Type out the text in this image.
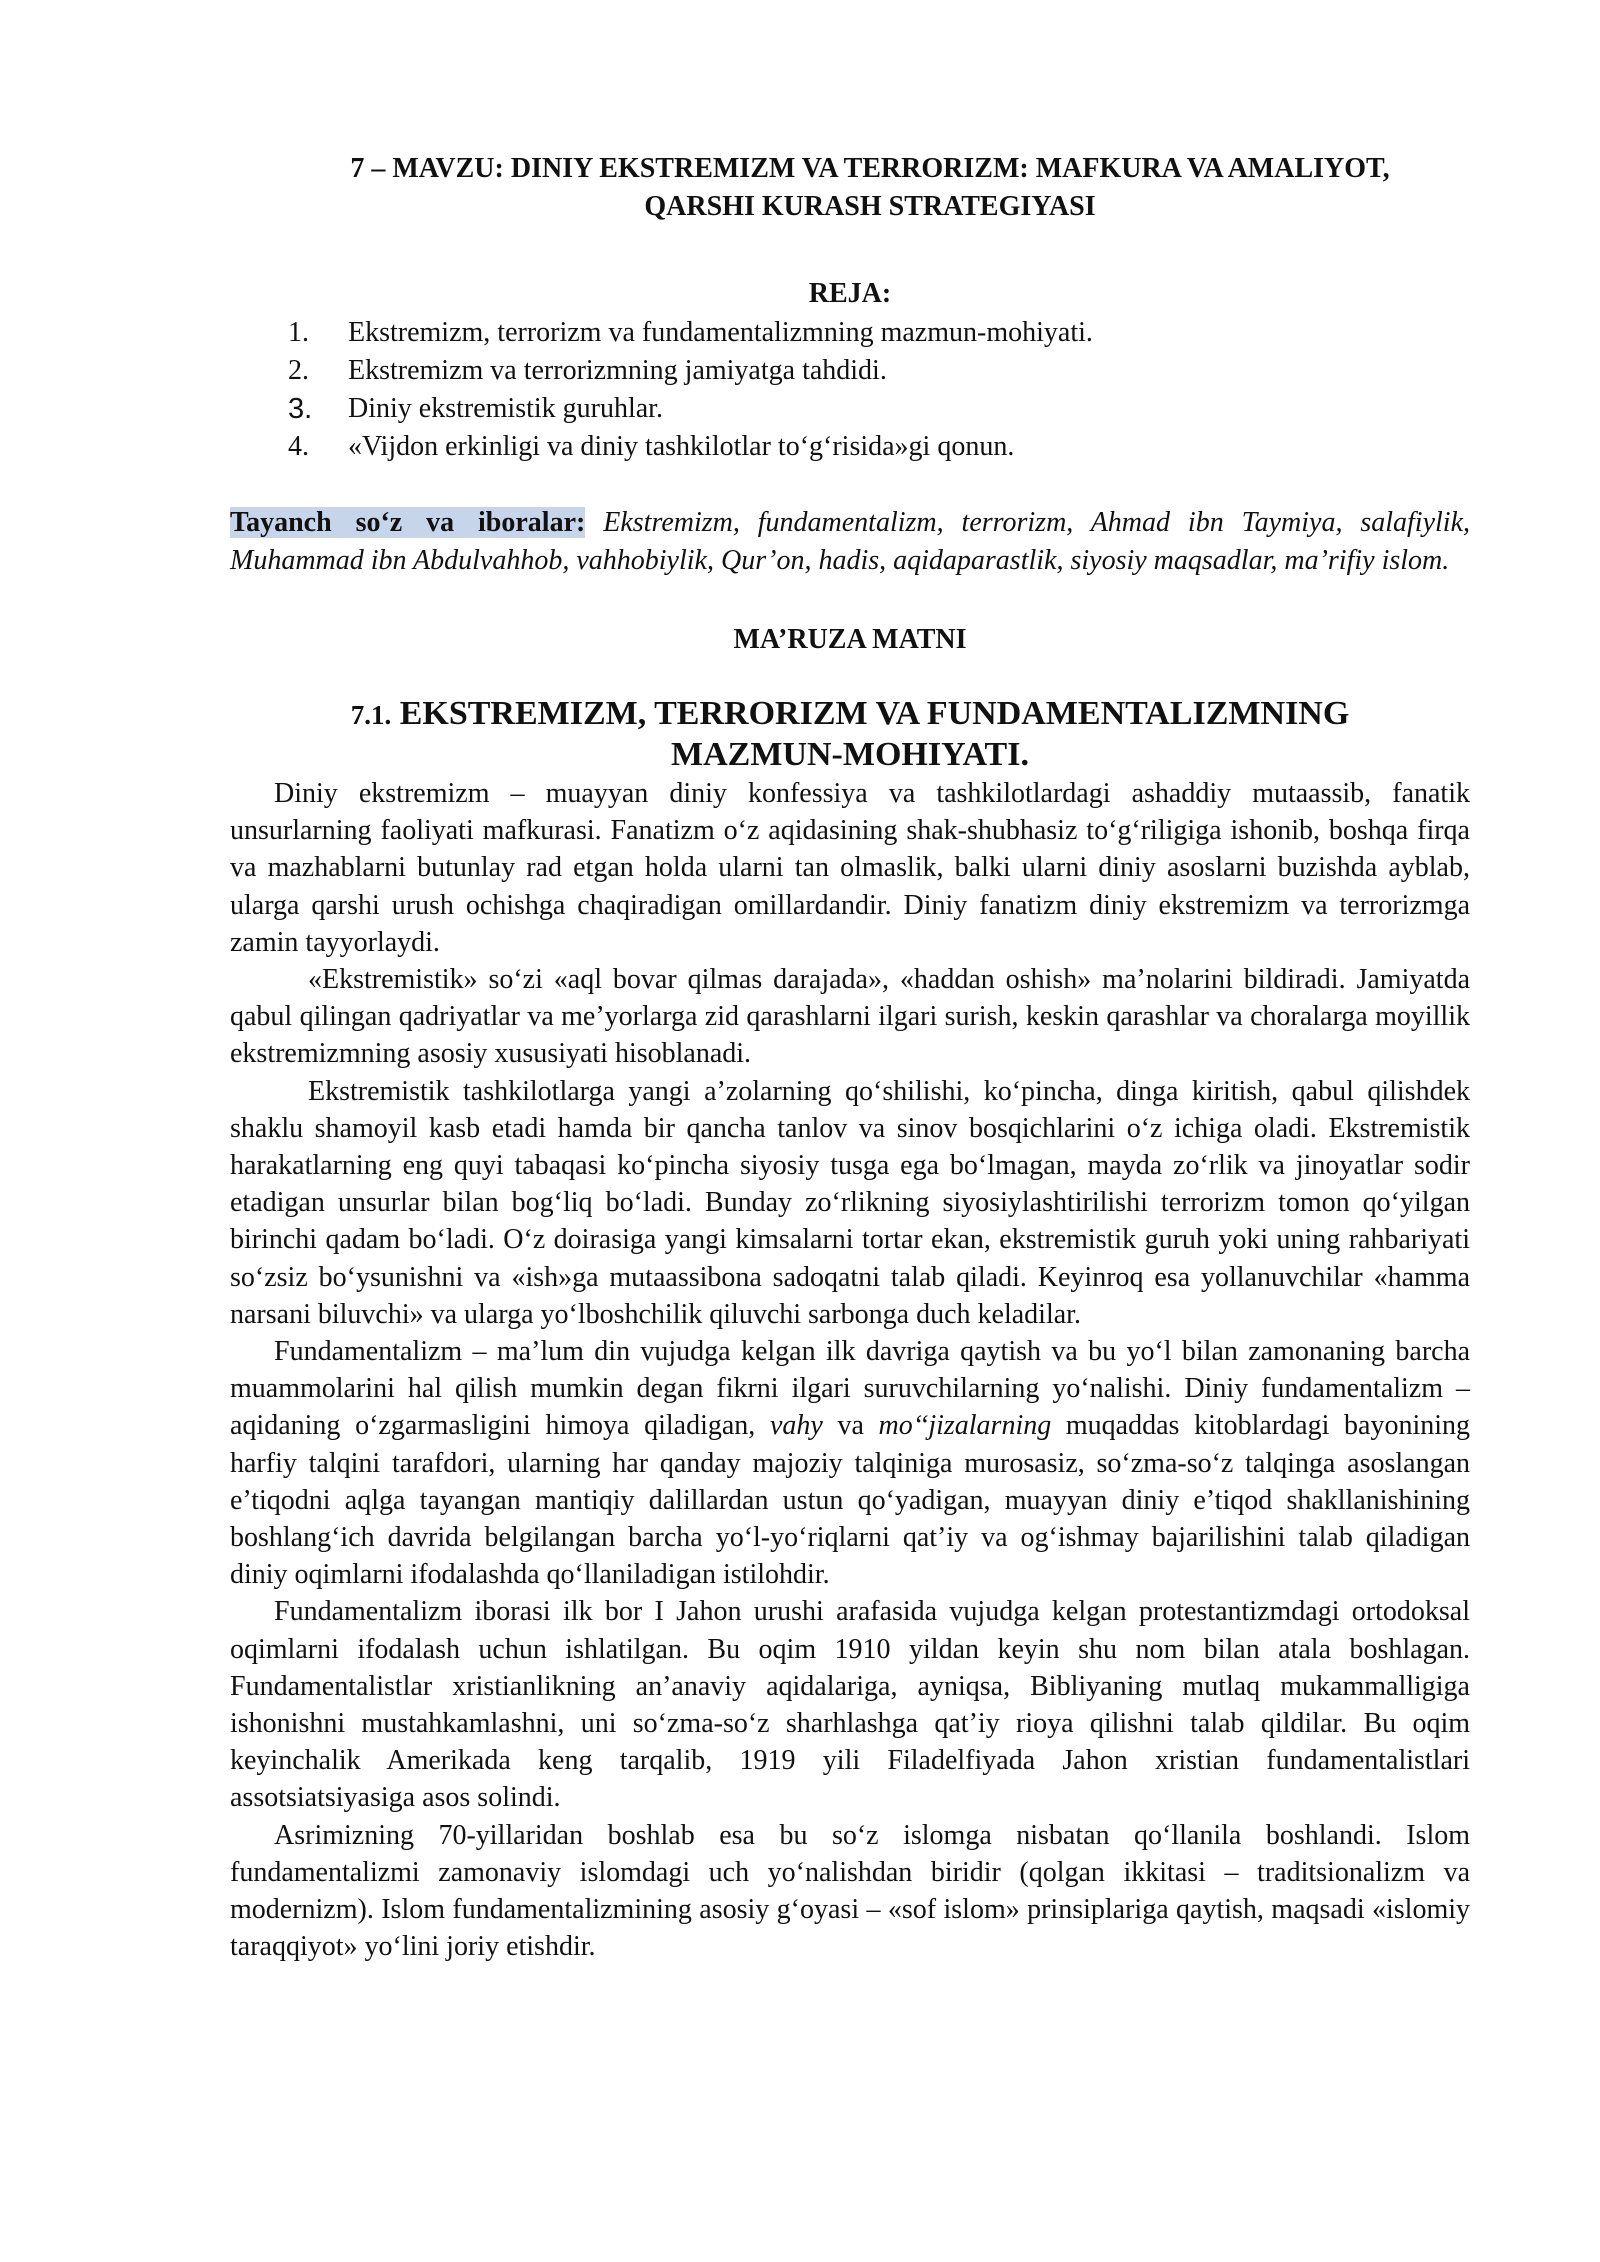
7 – MAVZU: DINIY EKSTREMIZM VA TERRORIZM: MAFKURA VA AMALIYOT,
QARSHI KURASH STRATEGIYASI
REJA:
1.	Ekstremizm, terrorizm va fundamentalizmning mazmun-mohiyati.
2.	Ekstremizm va terrorizmning jamiyatga tahdidi.
3.	Diniy ekstremistik guruhlar.
4.	«Vijdon erkinligi va diniy tashkilotlar to‘g‘risida»gi qonun.

Tayanch so‘z va iboralar: Ekstremizm, fundamentalizm, terrorizm, Ahmad ibn Taymiya, salafiylik, Muhammad ibn Abdulvahhob, vahhobiylik, Qur’on, hadis, aqidaparastlik, siyosiy maqsadlar, ma’rifiy islom.

MA’RUZA MATNI
7.1. EKSTREMIZM, TERRORIZM VA FUNDAMENTALIZMNING
MAZMUN-MOHIYATI.

Diniy ekstremizm – muayyan diniy konfessiya va tashkilotlardagi ashaddiy mutaassib, fanatik unsurlarning faoliyati mafkurasi. Fanatizm o‘z aqidasining shak-shubhasiz to‘g‘riligiga ishonib, boshqa firqa va mazhablarni butunlay rad etgan holda ularni tan olmaslik, balki ularni diniy asoslarni buzishda ayblab, ularga qarshi urush ochishga chaqiradigan omillardandir. Diniy fanatizm diniy ekstremizm va terrorizmga zamin tayyorlaydi.

«Ekstremistik» so‘zi «aql bovar qilmas darajada», «haddan oshish» ma’nolarini bildiradi. Jamiyatda qabul qilingan qadriyatlar va me’yorlarga zid qarashlarni ilgari surish, keskin qarashlar va choralarga moyillik ekstremizmning asosiy xususiyati hisoblanadi.

Ekstremistik tashkilotlarga yangi a’zolarning qo‘shilishi, ko‘pincha, dinga kiritish, qabul qilishdek shaklu shamoyil kasb etadi hamda bir qancha tanlov va sinov bosqichlarini o‘z ichiga oladi. Ekstremistik harakatlarning eng quyi tabaqasi ko‘pincha siyosiy tusga ega bo‘lmagan, mayda zo‘rlik va jinoyatlar sodir etadigan unsurlar bilan bog‘liq bo‘ladi. Bunday zo‘rlikning siyosiylashtirilishi terrorizm tomon qo‘yilgan birinchi qadam bo‘ladi. O‘z doirasiga yangi kimsalarni tortar ekan, ekstremistik guruh yoki uning rahbariyati so‘zsiz bo‘ysunishni va «ish»ga mutaassibona sadoqatni talab qiladi. Keyinroq esa yollanuvchilar «hamma narsani biluvchi» va ularga yo‘lboshchilik qiluvchi sarbonga duch keladilar.

Fundamentalizm – ma’lum din vujudga kelgan ilk davriga qaytish va bu yo‘l bilan zamonaning barcha muammolarini hal qilish mumkin degan fikrni ilgari suruvchilarning yo‘nalishi. Diniy fundamentalizm – aqidaning o‘zgarmasligini himoya qiladigan, vahy va mo‘‘jizalarning muqaddas kitoblardagi bayonining harfiy talqini tarafdori, ularning har qanday majoziy talqiniga murosasiz, so‘zma-so‘z talqinga asoslangan e’tiqodni aqlga tayangan mantiqiy dalillardan ustun qo‘yadigan, muayyan diniy e’tiqod shakllanishining boshlang‘ich davrida belgilangan barcha yo‘l-yo‘riqlarni qat’iy va og‘ishmay bajarilishini talab qiladigan diniy oqimlarni ifodalashda qo‘llaniladigan istilohdir.

Fundamentalizm iborasi ilk bor I Jahon urushi arafasida vujudga kelgan protestantizmdagi ortodoksal oqimlarni ifodalash uchun ishlatilgan. Bu oqim 1910 yildan keyin shu nom bilan atala boshlagan. Fundamentalistlar xristianlikning an’anaviy aqidalariga, ayniqsa, Bibliyaning mutlaq mukammalligiga ishonishni mustahkamlashni, uni so‘zma-so‘z sharhlashga qat’iy rioya qilishni talab qildilar. Bu oqim keyinchalik Amerikada keng tarqalib, 1919 yili Filadelfiyada Jahon xristian fundamentalistlari assotsiatsiyasiga asos solindi.

Asrimizning 70-yillaridan boshlab esa bu so‘z islomga nisbatan qo‘llanila boshlandi. Islom fundamentalizmi zamonaviy islomdagi uch yo‘nalishdan biridir (qolgan ikkitasi – traditsionalizm va modernizm). Islom fundamentalizmining asosiy g‘oyasi – «sof islom» prinsiplariga qaytish, maqsadi «islomiy taraqqiyot» yo‘lini joriy etishdir.
